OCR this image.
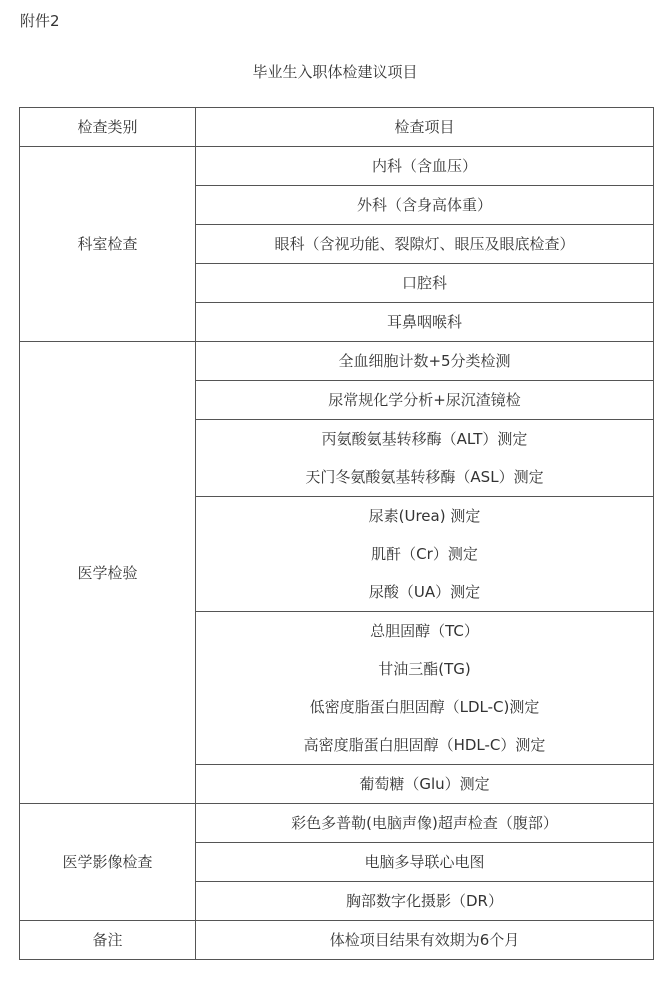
附件2
毕业生入职体检建议项目
检查类别	检查项目

科室检查	内科（含血压）

	外科（含身高体重）

	眼科（含视功能、裂隙灯、眼压及眼底检查）

	口腔科

	耳鼻咽喉科

医学检验	全血细胞计数+5分类检测

	尿常规化学分析+尿沉渣镜检

	丙氨酸氨基转移酶（ALT）测定
天门冬氨酸氨基转移酶（ASL）测定

	尿素(Urea) 测定
肌酐（Cr）测定
尿酸（UA）测定

	总胆固醇（TC）
甘油三酯(TG)
低密度脂蛋白胆固醇（LDL-C)测定
高密度脂蛋白胆固醇（HDL-C）测定

	葡萄糖（Glu）测定

医学影像检查	彩色多普勒(电脑声像)超声检查（腹部）

	电脑多导联心电图

	胸部数字化摄影（DR）

备注	体检项目结果有效期为6个月
